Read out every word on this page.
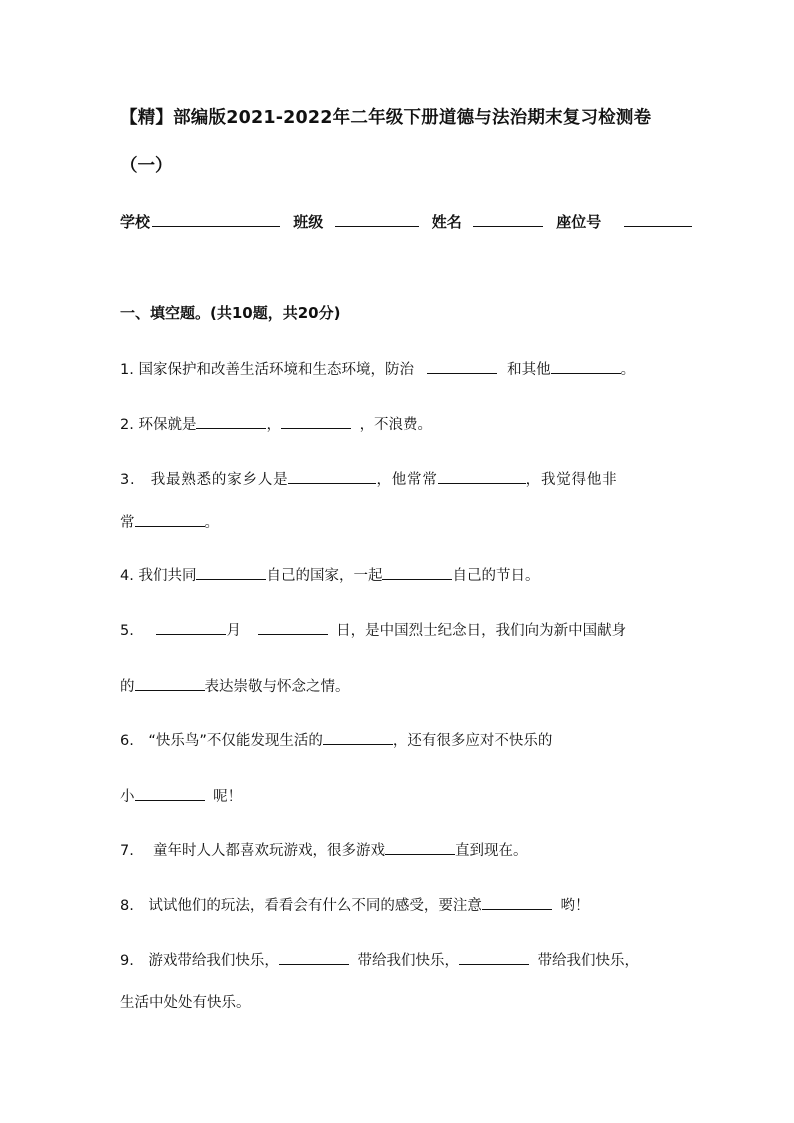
【精】部编版2021-2022年二年级下册道德与法治期末复习检测卷
（一）
学校	班级	姓名	座位号
一、填空题。(共10题，共20分)
1. 国家保护和改善生活环境和生态环境，防治	和其他	。
2. 环保就是	，	，不浪费。
3.　我最熟悉的家乡人是	，他常常	，我觉得他非
常	。
4. 我们共同	自己的国家，一起	自己的节日。
5.	月	日，是中国烈士纪念日，我们向为新中国献身
的	表达崇敬与怀念之情。
6.　“快乐鸟”不仅能发现生活的	，还有很多应对不快乐的
小	呢！
7.　 童年时人人都喜欢玩游戏，很多游戏	直到现在。
8.　试试他们的玩法，看看会有什么不同的感受，要注意	哟！
9.　游戏带给我们快乐，	带给我们快乐，	带给我们快乐，
生活中处处有快乐。
